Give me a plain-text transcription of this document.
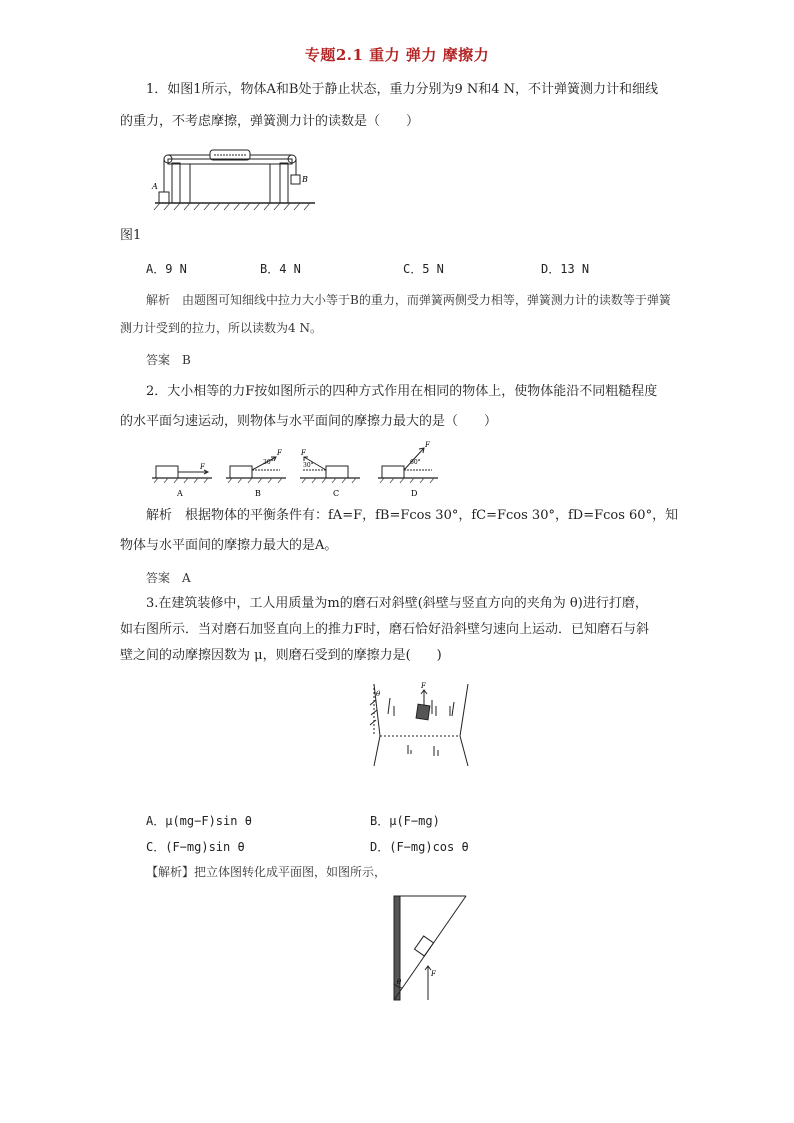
专题2.1 重力 弹力 摩擦力
1．如图1所示，物体A和B处于静止状态，重力分别为9 N和4 N，不计弹簧测力计和细线
的重力，不考虑摩擦，弹簧测力计的读数是（　　）
A
B
图1
A．9 N	B．4 N	C．5 N	D．13 N
解析　由题图可知细线中拉力大小等于B的重力，而弹簧两侧受力相等，弹簧测力计的读数等于弹簧
测力计受到的拉力，所以读数为4 N。
答案　B
2．大小相等的力F按如图所示的四种方式作用在相同的物体上，使物体能沿不同粗糙程度
的水平面匀速运动，则物体与水平面间的摩擦力最大的是（　　）
F
F	F
F
30°	30°	60°
A	B	C	D
解析　根据物体的平衡条件有：fA=F，fB=Fcos 30°，fC=Fcos 30°，fD=Fcos 60°，知
物体与水平面间的摩擦力最大的是A。
答案　A
3.在建筑装修中，工人用质量为m的磨石对斜壁(斜壁与竖直方向的夹角为 θ)进行打磨，
如右图所示．当对磨石加竖直向上的推力F时，磨石恰好沿斜壁匀速向上运动．已知磨石与斜
壁之间的动摩擦因数为 μ，则磨石受到的摩擦力是(　　)
F
θ
A．μ(mg−F)sin θ	B．μ(F−mg)
C．(F−mg)sin θ	D．(F−mg)cos θ
【解析】把立体图转化成平面图，如图所示，
θ
F
